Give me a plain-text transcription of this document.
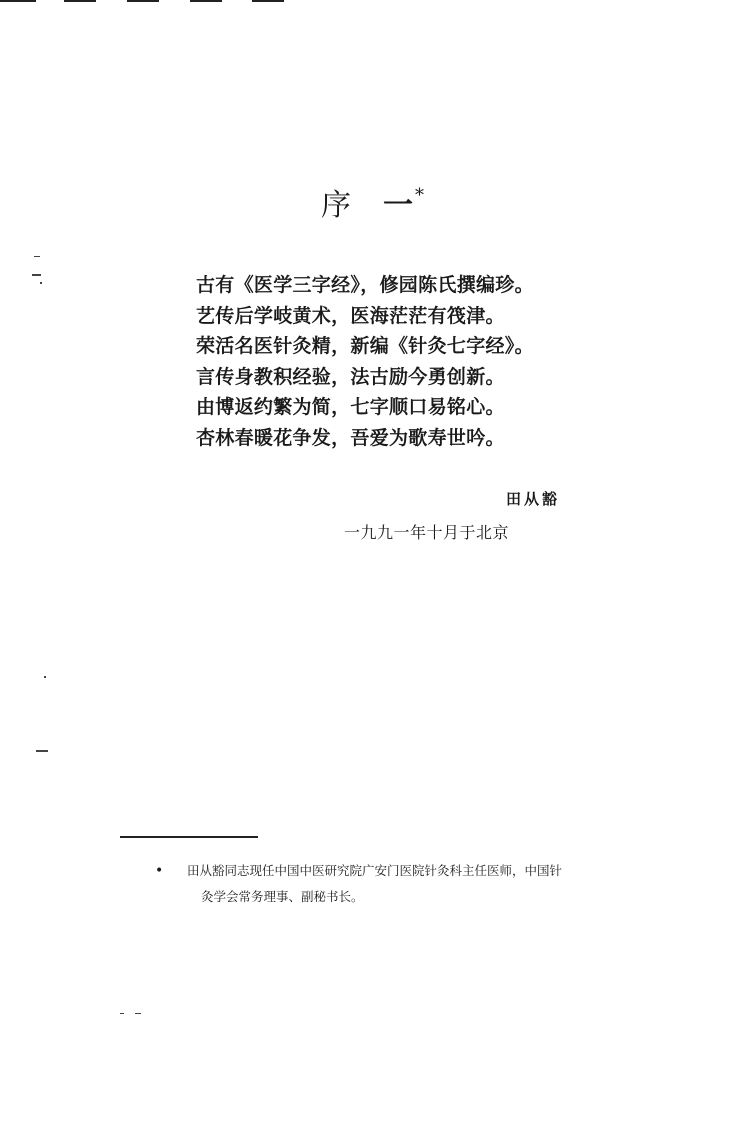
序 一*
古有《医学三字经》，修园陈氏撰编珍。
艺传后学岐黄术，医海茫茫有筏津。
荣活名医针灸精，新编《针灸七字经》。
言传身教积经验，法古励今勇创新。
由博返约繁为简，七字顺口易铭心。
杏林春暖花争发，吾爱为歌寿世吟。
田从豁
一九九一年十月于北京
• 田从豁同志现任中国中医研究院广安门医院针灸科主任医师，中国针
灸学会常务理事、副秘书长。
